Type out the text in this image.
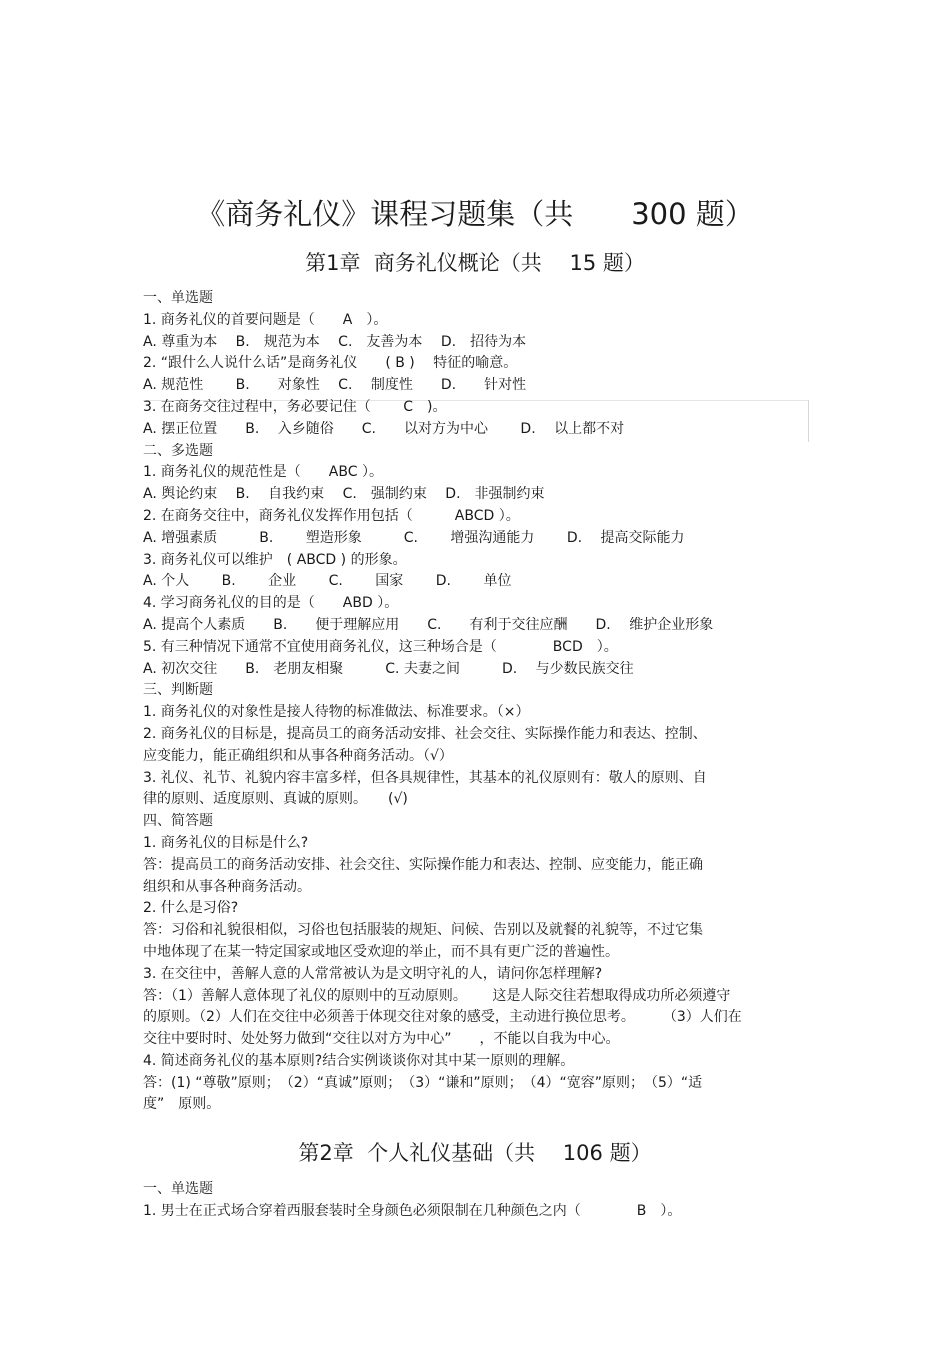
《商务礼仪》课程习题集（共　　300 题）
第1章  商务礼仪概论（共　 15 题）
一、单选题
1. 商务礼仪的首要问题是（　　A　）。
A. 尊重为本　 B.　规范为本　 C.　友善为本　 D.　招待为本
2. “跟什么人说什么话”是商务礼仪　　( B )　 特征的喻意。
A. 规范性　　 B.　　对象性　 C.　 制度性　　D.　　针对性
3. 在商务交往过程中，务必要记住（　　 C　)。
A. 摆正位置　　B.　 入乡随俗　　C.　　以对方为中心　　 D.　 以上都不对
二、多选题
1. 商务礼仪的规范性是（　　ABC ）。
A. 舆论约束　 B.　 自我约束　 C.　强制约束　 D.　非强制约束
2. 在商务交往中，商务礼仪发挥作用包括（　　　ABCD ）。
A. 增强素质　　　B.　　 塑造形象　　　C.　　 增强沟通能力　　 D.　 提高交际能力
3. 商务礼仪可以维护　( ABCD ) 的形象。
A. 个人　　 B.　　 企业　　 C.　　 国家　　 D.　　 单位
4. 学习商务礼仪的目的是（　　ABD ）。
A. 提高个人素质　　B.　　便于理解应用　　C.　　有利于交往应酬　　D.　 维护企业形象
5. 有三种情况下通常不宜使用商务礼仪，这三种场合是（　　　　BCD　）。
A. 初次交往　　B.　老朋友相聚　　　C. 夫妻之间　　　D.　 与少数民族交往
三、判断题
1. 商务礼仪的对象性是接人待物的标准做法、标准要求。（×）
2. 商务礼仪的目标是，提高员工的商务活动安排、社会交往、实际操作能力和表达、控制、
应变能力，能正确组织和从事各种商务活动。（√）
3. 礼仪、礼节、礼貌内容丰富多样，但各具规律性，其基本的礼仪原则有：敬人的原则、自
律的原则、适度原则、真诚的原则。　　(√)
四、简答题
1. 商务礼仪的目标是什么?
答：提高员工的商务活动安排、社会交往、实际操作能力和表达、控制、应变能力，能正确
组织和从事各种商务活动。
2. 什么是习俗?
答：习俗和礼貌很相似，习俗也包括服装的规矩、问候、告别以及就餐的礼貌等，不过它集
中地体现了在某一特定国家或地区受欢迎的举止，而不具有更广泛的普遍性。
3. 在交往中，善解人意的人常常被认为是文明守礼的人，请问你怎样理解?
答：（1）善解人意体现了礼仪的原则中的互动原则。　　 这是人际交往若想取得成功所必须遵守
的原则。（2）人们在交往中必须善于体现交往对象的感受，主动进行换位思考。　　　（3）人们在
交往中要时时、处处努力做到“交往以对方为中心”　　，不能以自我为中心。
4. 简述商务礼仪的基本原则?结合实例谈谈你对其中某一原则的理解。
答：(1) “尊敬”原则；　（2）“真诚”原则；　（3）“谦和”原则；　（4）“宽容”原则；　（5）“适
度”　原则。
第2章  个人礼仪基础（共　 106 题）
一、单选题
1. 男士在正式场合穿着西服套装时全身颜色必须限制在几种颜色之内（　　　　B　）。
